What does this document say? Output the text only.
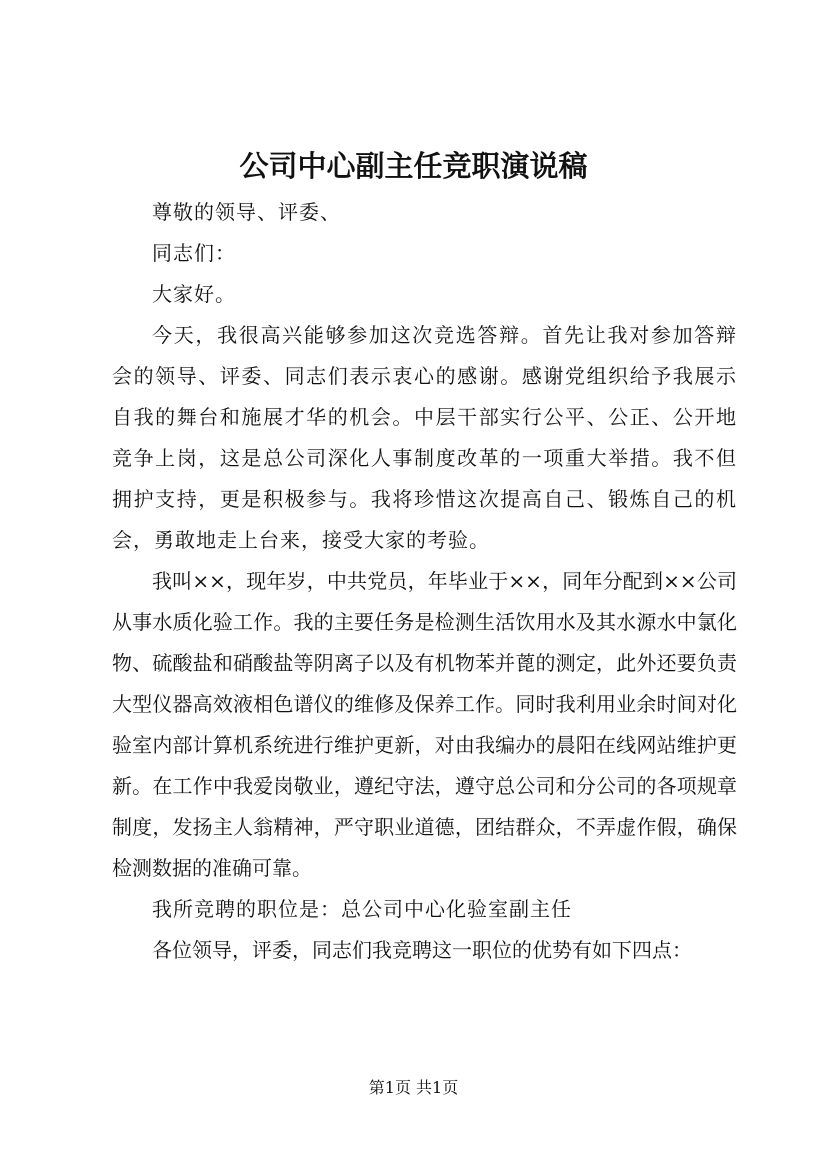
公司中心副主任竞职演说稿

尊敬的领导、评委、

同志们：

大家好。

今天，我很高兴能够参加这次竞选答辩。首先让我对参加答辩会的领导、评委、同志们表示衷心的感谢。感谢党组织给予我展示自我的舞台和施展才华的机会。中层干部实行公平、公正、公开地竞争上岗，这是总公司深化人事制度改革的一项重大举措。我不但拥护支持，更是积极参与。我将珍惜这次提高自己、锻炼自己的机会，勇敢地走上台来，接受大家的考验。

我叫××，现年岁，中共党员，年毕业于××，同年分配到××公司从事水质化验工作。我的主要任务是检测生活饮用水及其水源水中氯化物、硫酸盐和硝酸盐等阴离子以及有机物苯并蓖的测定，此外还要负责大型仪器高效液相色谱仪的维修及保养工作。同时我利用业余时间对化验室内部计算机系统进行维护更新，对由我编办的晨阳在线网站维护更新。在工作中我爱岗敬业，遵纪守法，遵守总公司和分公司的各项规章制度，发扬主人翁精神，严守职业道德，团结群众，不弄虚作假，确保检测数据的准确可靠。

我所竞聘的职位是：总公司中心化验室副主任

各位领导，评委，同志们我竞聘这一职位的优势有如下四点：

第1页 共1页
